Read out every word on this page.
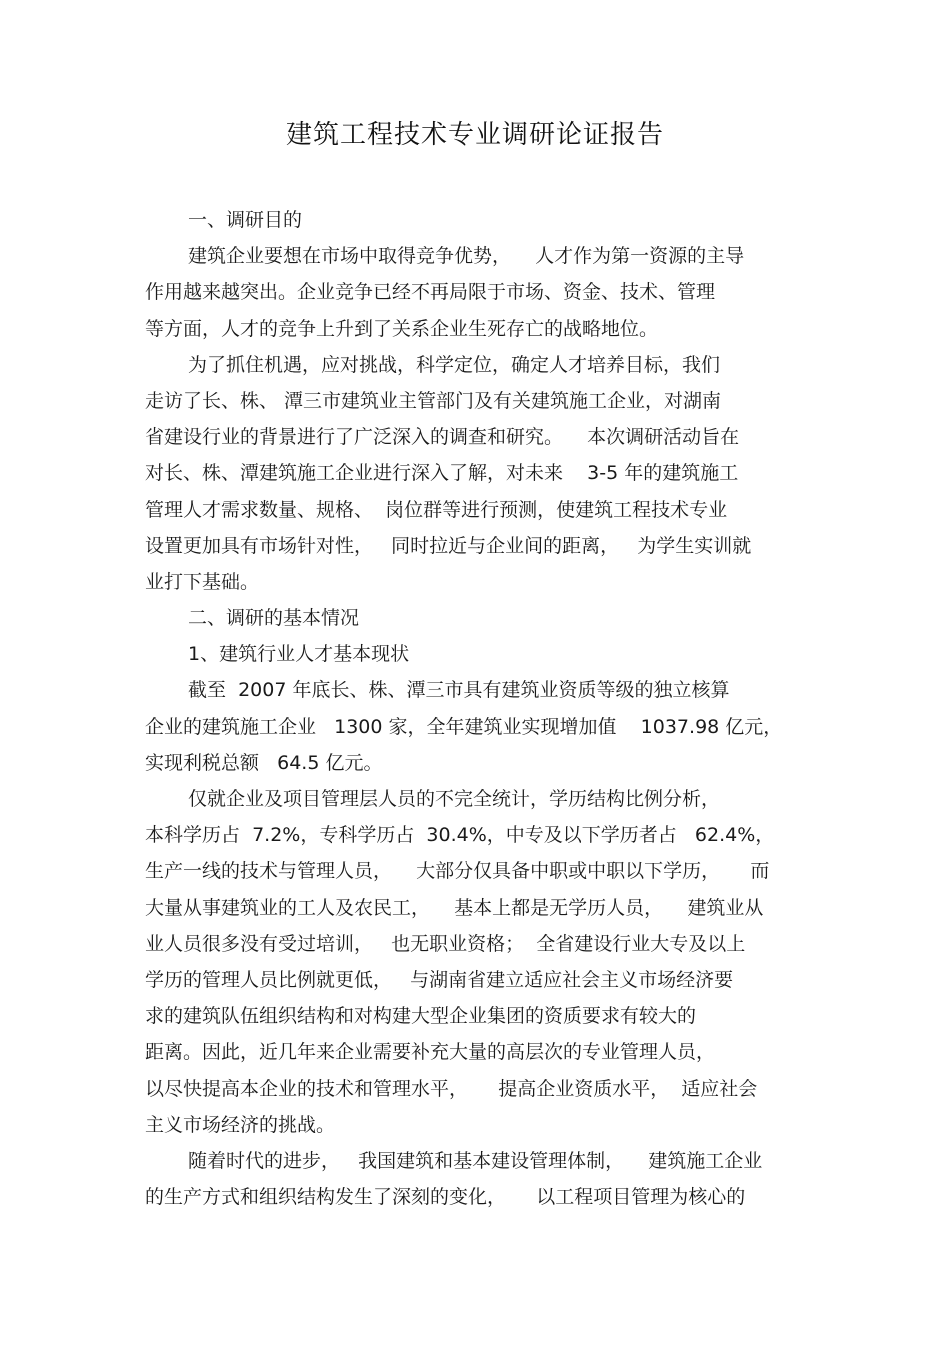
建筑工程技术专业调研论证报告
一、调研目的
建筑企业要想在市场中取得竞争优势，    人才作为第一资源的主导
作用越来越突出。企业竞争已经不再局限于市场、资金、技术、管理
等方面，人才的竞争上升到了关系企业生死存亡的战略地位。
为了抓住机遇，应对挑战，科学定位，确定人才培养目标，我们
走访了长、株、 潭三市建筑业主管部门及有关建筑施工企业，对湖南
省建设行业的背景进行了广泛深入的调查和研究。    本次调研活动旨在
对长、株、潭建筑施工企业进行深入了解，对未来    3-5 年的建筑施工
管理人才需求数量、规格、  岗位群等进行预测，使建筑工程技术专业
设置更加具有市场针对性，   同时拉近与企业间的距离，   为学生实训就
业打下基础。
二、调研的基本情况
1、建筑行业人才基本现状
截至  2007 年底长、株、潭三市具有建筑业资质等级的独立核算
企业的建筑施工企业   1300 家，全年建筑业实现增加值    1037.98 亿元，
实现利税总额   64.5 亿元。
仅就企业及项目管理层人员的不完全统计，学历结构比例分析，
本科学历占  7.2%，专科学历占  30.4%，中专及以下学历者占   62.4%，
生产一线的技术与管理人员，    大部分仅具备中职或中职以下学历，     而
大量从事建筑业的工人及农民工，    基本上都是无学历人员，    建筑业从
业人员很多没有受过培训，   也无职业资格；  全省建设行业大专及以上
学历的管理人员比例就更低，   与湖南省建立适应社会主义市场经济要
求的建筑队伍组织结构和对构建大型企业集团的资质要求有较大的
距离。因此，近几年来企业需要补充大量的高层次的专业管理人员，
以尽快提高本企业的技术和管理水平，     提高企业资质水平，  适应社会
主义市场经济的挑战。
随着时代的进步，   我国建筑和基本建设管理体制，    建筑施工企业
的生产方式和组织结构发生了深刻的变化，     以工程项目管理为核心的
